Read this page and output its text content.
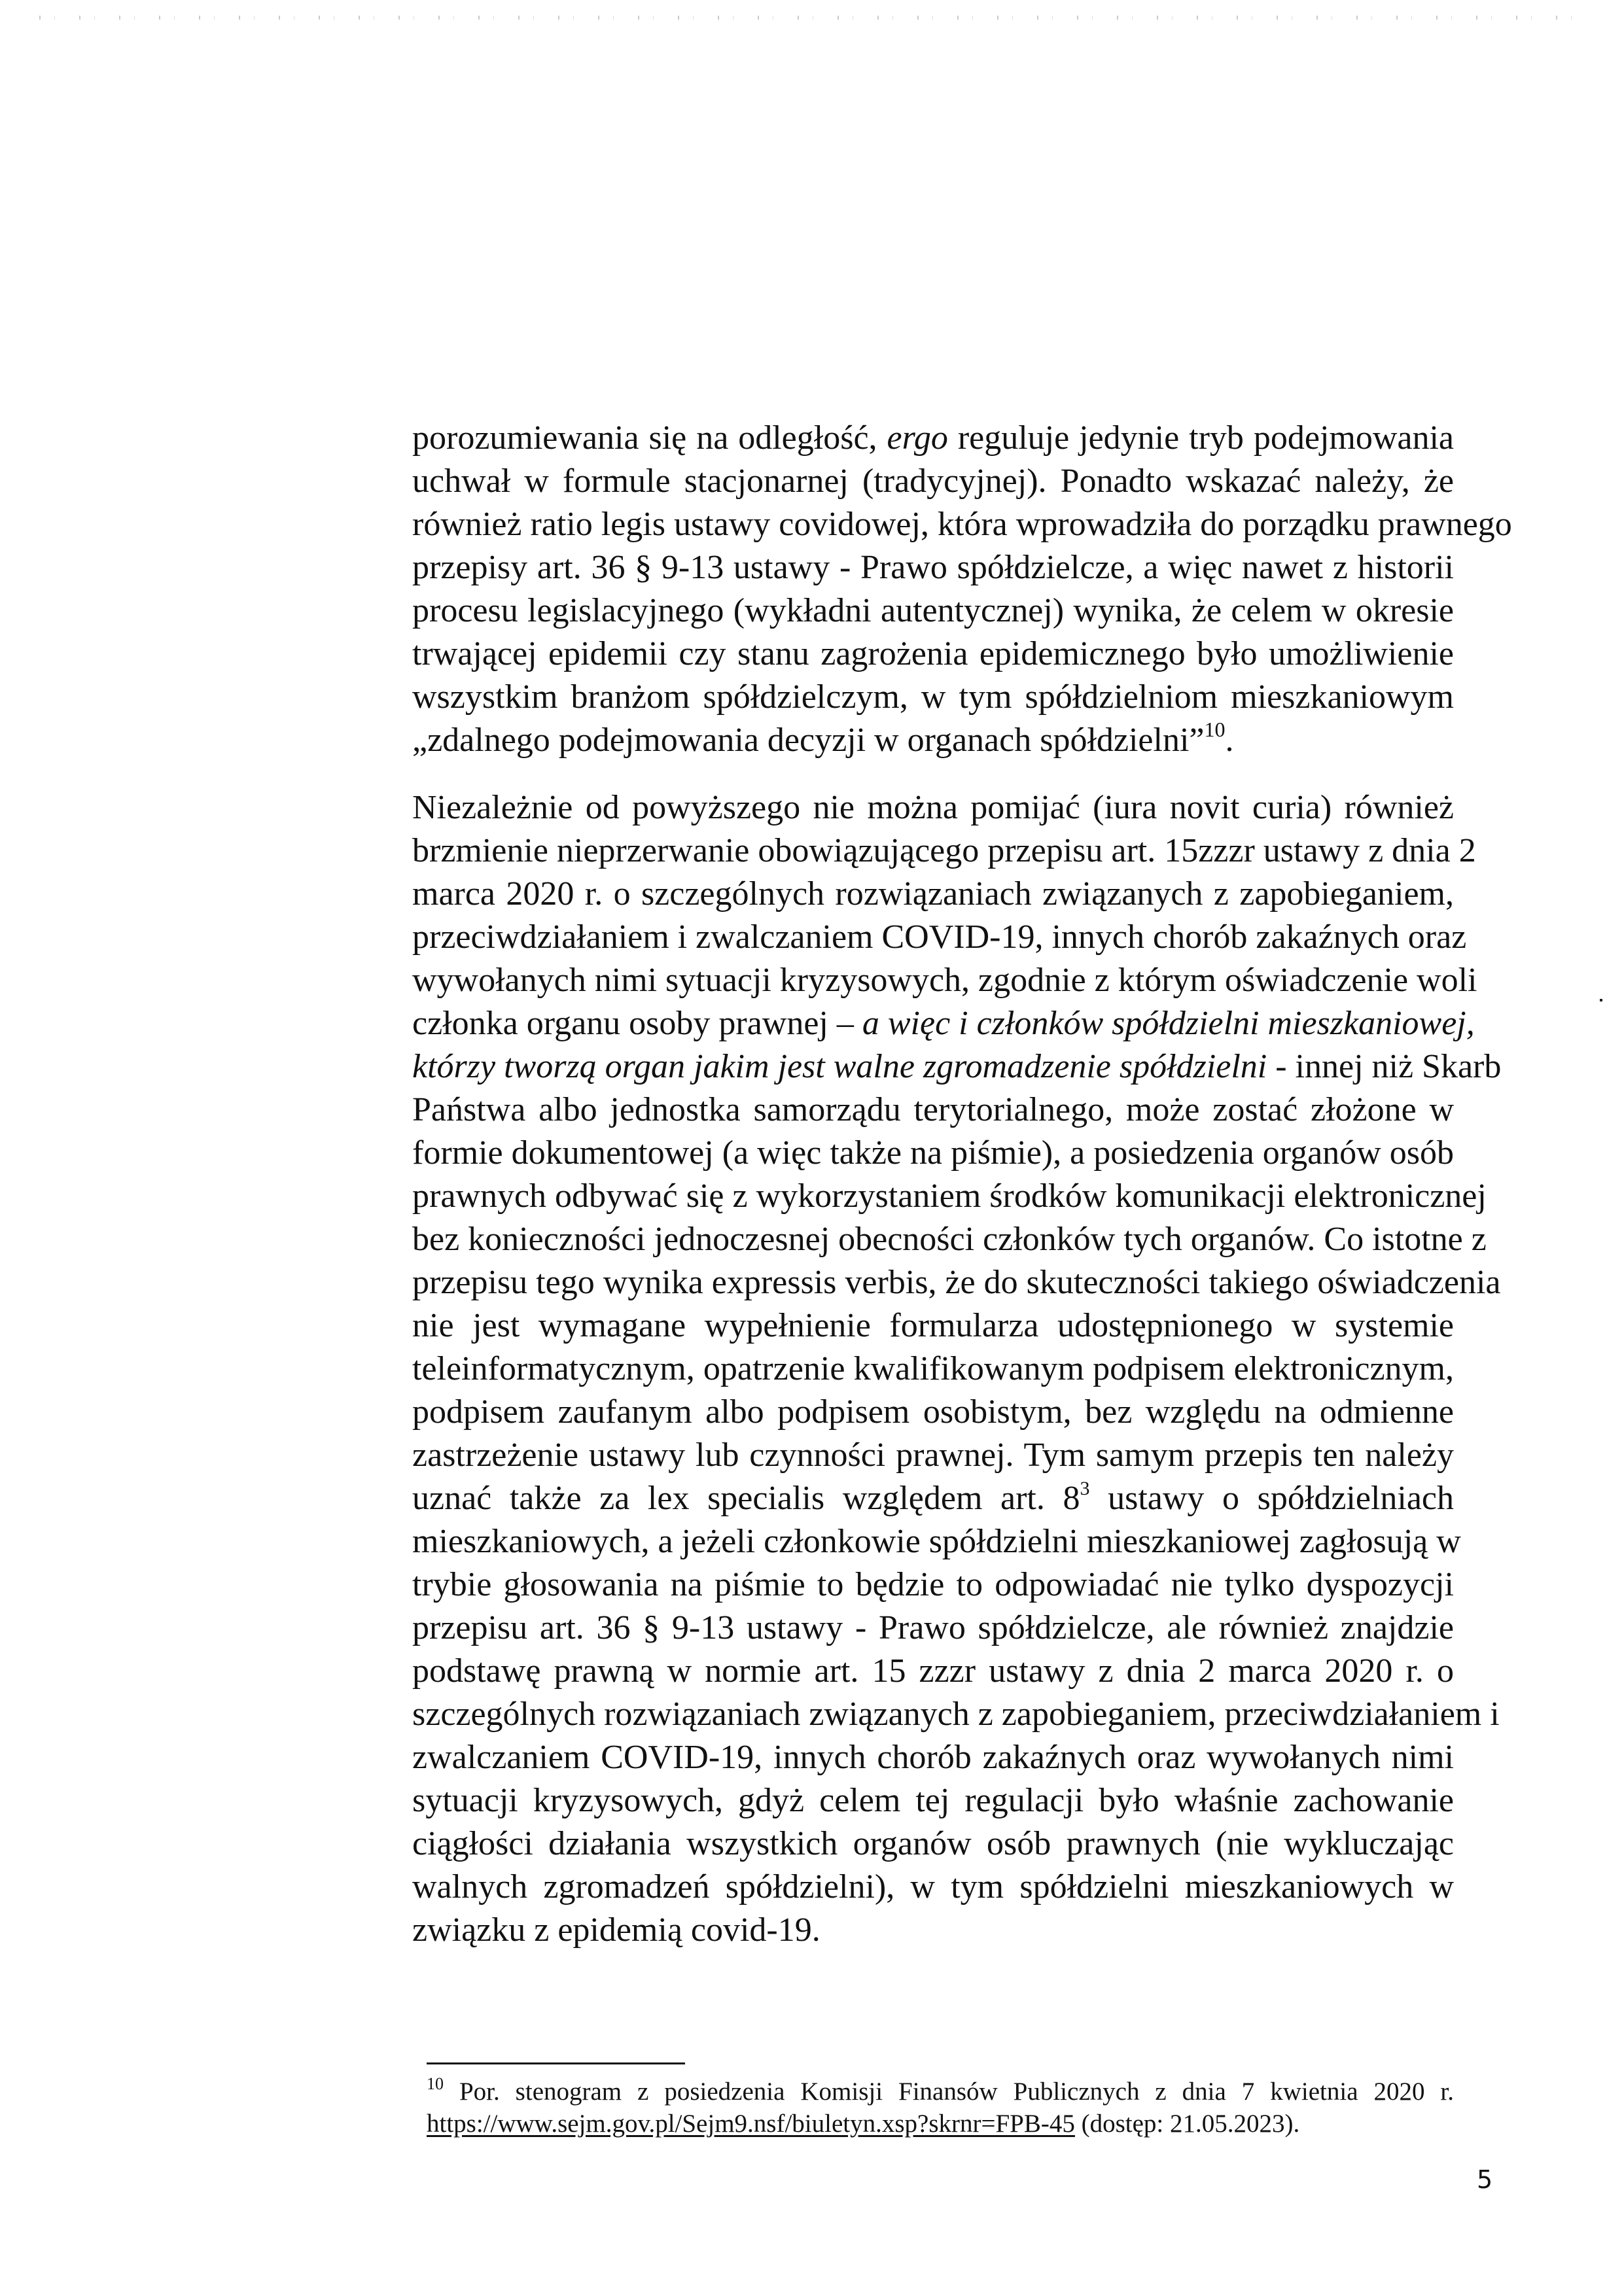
porozumiewania się na odległość, ergo reguluje jedynie tryb podejmowania
uchwał w formule stacjonarnej (tradycyjnej). Ponadto wskazać należy, że
również ratio legis ustawy covidowej, która wprowadziła do porządku prawnego
przepisy art. 36 § 9-13 ustawy - Prawo spółdzielcze, a więc nawet z historii
procesu legislacyjnego (wykładni autentycznej) wynika, że celem w okresie
trwającej epidemii czy stanu zagrożenia epidemicznego było umożliwienie
wszystkim branżom spółdzielczym, w tym spółdzielniom mieszkaniowym
„zdalnego podejmowania decyzji w organach spółdzielni”$^{10}$.
Niezależnie od powyższego nie można pomijać (iura novit curia) również
brzmienie nieprzerwanie obowiązującego przepisu art. 15zzzr ustawy z dnia 2
marca 2020 r. o szczególnych rozwiązaniach związanych z zapobieganiem,
przeciwdziałaniem i zwalczaniem COVID-19, innych chorób zakaźnych oraz
wywołanych nimi sytuacji kryzysowych, zgodnie z którym oświadczenie woli
członka organu osoby prawnej – a więc i członków spółdzielni mieszkaniowej,
którzy tworzą organ jakim jest walne zgromadzenie spółdzielni - innej niż Skarb
Państwa albo jednostka samorządu terytorialnego, może zostać złożone w
formie dokumentowej (a więc także na piśmie), a posiedzenia organów osób
prawnych odbywać się z wykorzystaniem środków komunikacji elektronicznej
bez konieczności jednoczesnej obecności członków tych organów. Co istotne z
przepisu tego wynika expressis verbis, że do skuteczności takiego oświadczenia
nie jest wymagane wypełnienie formularza udostępnionego w systemie
teleinformatycznym, opatrzenie kwalifikowanym podpisem elektronicznym,
podpisem zaufanym albo podpisem osobistym, bez względu na odmienne
zastrzeżenie ustawy lub czynności prawnej. Tym samym przepis ten należy
uznać także za lex specialis względem art. $8^3$ ustawy o spółdzielniach
mieszkaniowych, a jeżeli członkowie spółdzielni mieszkaniowej zagłosują w
trybie głosowania na piśmie to będzie to odpowiadać nie tylko dyspozycji
przepisu art. 36 § 9-13 ustawy - Prawo spółdzielcze, ale również znajdzie
podstawę prawną w normie art. 15 zzzr ustawy z dnia 2 marca 2020 r. o
szczególnych rozwiązaniach związanych z zapobieganiem, przeciwdziałaniem i
zwalczaniem COVID-19, innych chorób zakaźnych oraz wywołanych nimi
sytuacji kryzysowych, gdyż celem tej regulacji było właśnie zachowanie
ciągłości działania wszystkich organów osób prawnych (nie wykluczając
walnych zgromadzeń spółdzielni), w tym spółdzielni mieszkaniowych w
związku z epidemią covid-19.
$^{10}$ Por. stenogram z posiedzenia Komisji Finansów Publicznych z dnia 7 kwietnia 2020 r.
https://www.sejm.gov.pl/Sejm9.nsf/biuletyn.xsp?skrnr=FPB-45 (dostęp: 21.05.2023).
5
